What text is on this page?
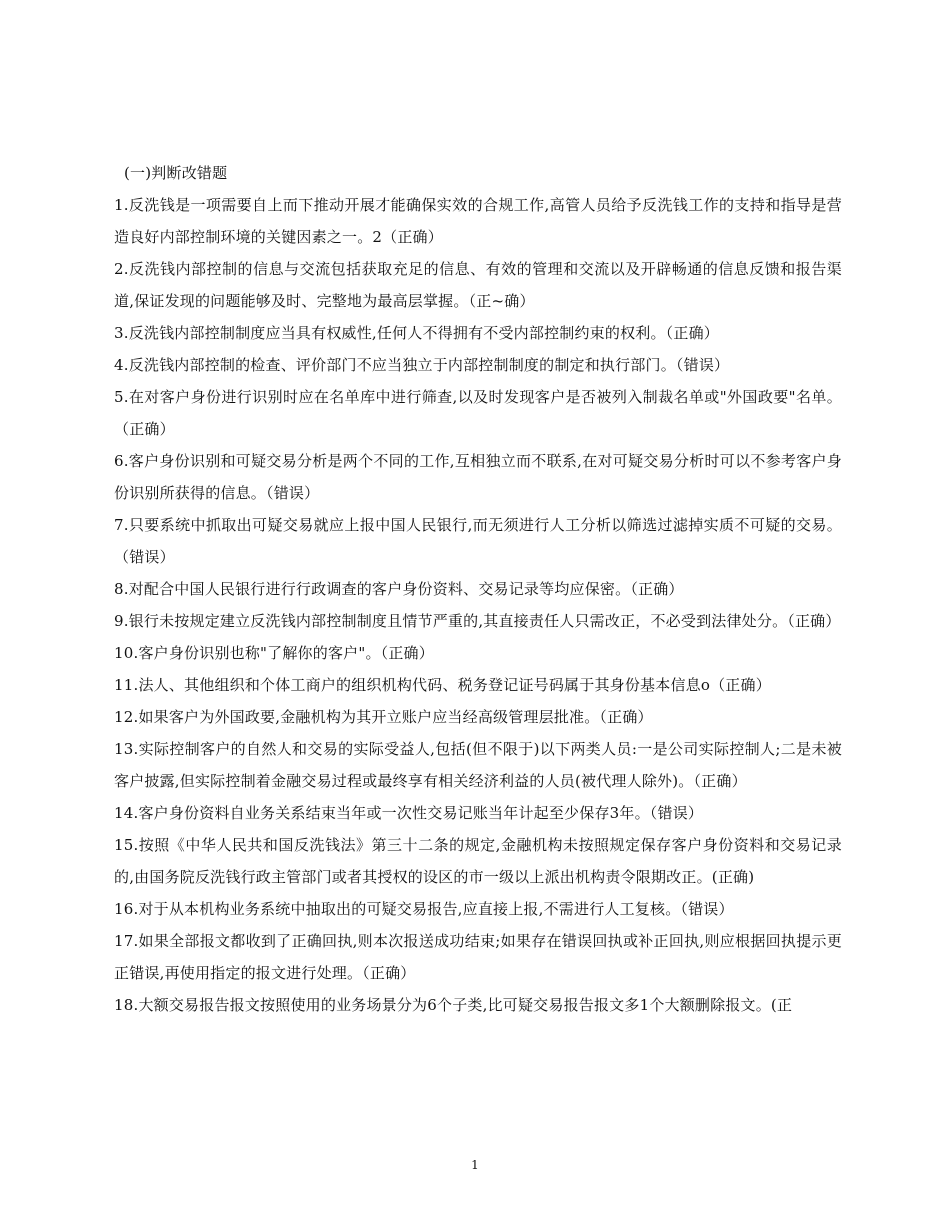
(一)判断改错题

1.反洗钱是一项需要自上而下推动开展才能确保实效的合规工作,高管人员给予反洗钱工作的支持和指导是营造良好内部控制环境的关键因素之一。2（正确）
2.反洗钱内部控制的信息与交流包括获取充足的信息、有效的管理和交流以及开辟畅通的信息反馈和报告渠道,保证发现的问题能够及时、完整地为最高层掌握。（正~确）
3.反洗钱内部控制制度应当具有权威性,任何人不得拥有不受内部控制约束的权利。（正确）
4.反洗钱内部控制的检查、评价部门不应当独立于内部控制制度的制定和执行部门。（错误）
5.在对客户身份进行识别时应在名单库中进行筛查,以及时发现客户是否被列入制裁名单或"外国政要"名单。（正确）
6.客户身份识别和可疑交易分析是两个不同的工作,互相独立而不联系,在对可疑交易分析时可以不参考客户身份识别所获得的信息。（错误）
7.只要系统中抓取出可疑交易就应上报中国人民银行,而无须进行人工分析以筛选过滤掉实质不可疑的交易。（错误）
8.对配合中国人民银行进行行政调查的客户身份资料、交易记录等均应保密。（正确）
9.银行未按规定建立反洗钱内部控制制度且情节严重的,其直接责任人只需改正，不必受到法律处分。（正确）
10.客户身份识别也称"了解你的客户"。（正确）
11.法人、其他组织和个体工商户的组织机构代码、税务登记证号码属于其身份基本信息o（正确）
12.如果客户为外国政要,金融机构为其开立账户应当经高级管理层批准。（正确）
13.实际控制客户的自然人和交易的实际受益人,包括(但不限于)以下两类人员:一是公司实际控制人;二是未被客户披露,但实际控制着金融交易过程或最终享有相关经济利益的人员(被代理人除外)。（正确）
14.客户身份资料自业务关系结束当年或一次性交易记账当年计起至少保存3年。（错误）
15.按照《中华人民共和国反洗钱法》第三十二条的规定,金融机构未按照规定保存客户身份资料和交易记录的,由国务院反洗钱行政主管部门或者其授权的设区的市一级以上派出机构责令限期改正。(正确)
16.对于从本机构业务系统中抽取出的可疑交易报告,应直接上报,不需进行人工复核。（错误）
17.如果全部报文都收到了正确回执,则本次报送成功结束;如果存在错误回执或补正回执,则应根据回执提示更正错误,再使用指定的报文进行处理。（正确）
18.大额交易报告报文按照使用的业务场景分为6个子类,比可疑交易报告报文多1个大额删除报文。(正
1
